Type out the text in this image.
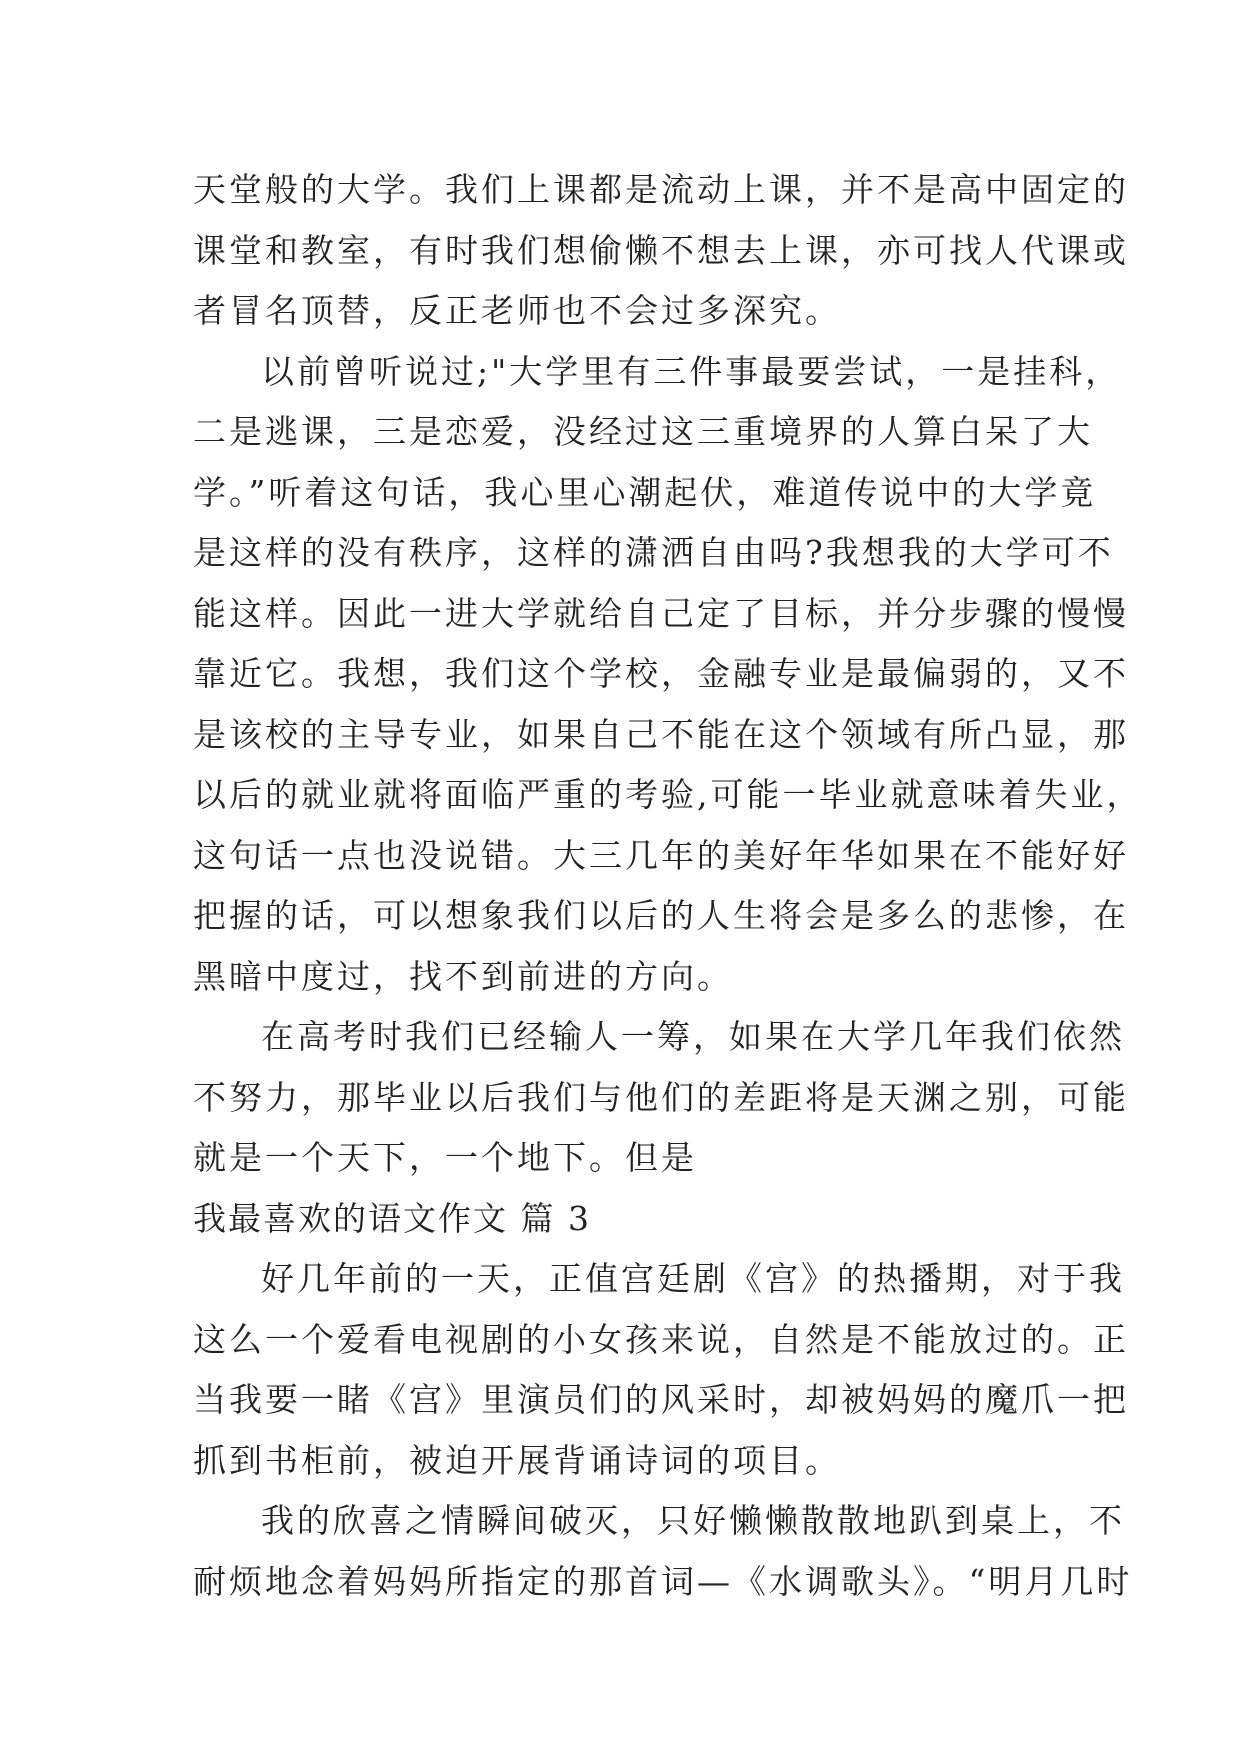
天堂般的大学。我们上课都是流动上课，并不是高中固定的
课堂和教室，有时我们想偷懒不想去上课，亦可找人代课或
者冒名顶替，反正老师也不会过多深究。
以前曾听说过;"大学里有三件事最要尝试，一是挂科，
二是逃课，三是恋爱，没经过这三重境界的人算白呆了大
学。”听着这句话，我心里心潮起伏，难道传说中的大学竟
是这样的没有秩序，这样的潇洒自由吗?我想我的大学可不
能这样。因此一进大学就给自己定了目标，并分步骤的慢慢
靠近它。我想，我们这个学校，金融专业是最偏弱的，又不
是该校的主导专业，如果自己不能在这个领域有所凸显，那
以后的就业就将面临严重的考验,可能一毕业就意味着失业，
这句话一点也没说错。大三几年的美好年华如果在不能好好
把握的话，可以想象我们以后的人生将会是多么的悲惨，在
黑暗中度过，找不到前进的方向。
在高考时我们已经输人一筹，如果在大学几年我们依然
不努力，那毕业以后我们与他们的差距将是天渊之别，可能
就是一个天下，一个地下。但是
我最喜欢的语文作文 篇 3
好几年前的一天，正值宫廷剧《宫》的热播期，对于我
这么一个爱看电视剧的小女孩来说，自然是不能放过的。正
当我要一睹《宫》里演员们的风采时，却被妈妈的魔爪一把
抓到书柜前，被迫开展背诵诗词的项目。
我的欣喜之情瞬间破灭，只好懒懒散散地趴到桌上，不
耐烦地念着妈妈所指定的那首词—《水调歌头》。“明月几时
